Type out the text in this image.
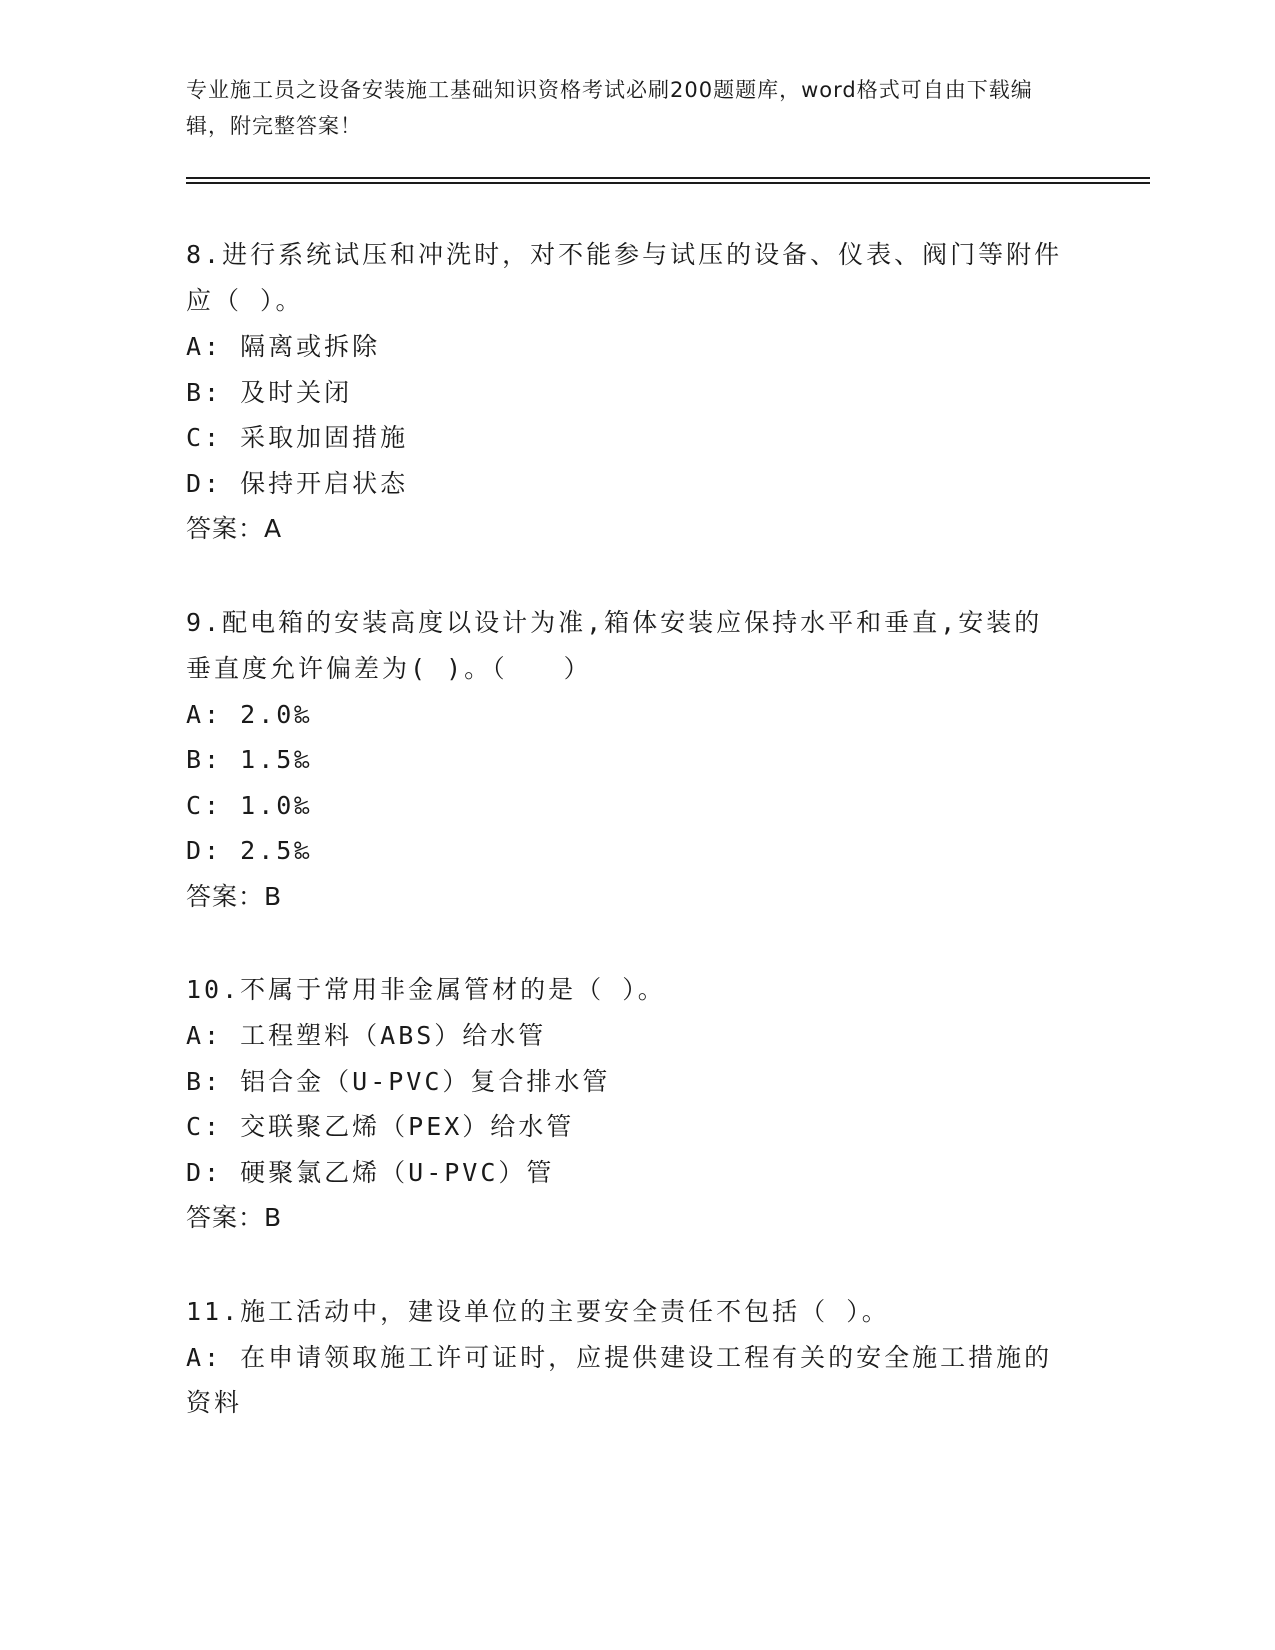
专业施工员之设备安装施工基础知识资格考试必刷200题题库，word格式可自由下载编辑，附完整答案！
8.进行系统试压和冲洗时，对不能参与试压的设备、仪表、阀门等附件应（ ）。
A: 隔离或拆除
B: 及时关闭
C: 采取加固措施
D: 保持开启状态
答案：A
9.配电箱的安装高度以设计为准,箱体安装应保持水平和垂直,安装的垂直度允许偏差为( )。（　　）
A: 2.0‰
B: 1.5‰
C: 1.0‰
D: 2.5‰
答案：B
10.不属于常用非金属管材的是（ ）。
A: 工程塑料（ABS）给水管
B: 铝合金（U-PVC）复合排水管
C: 交联聚乙烯（PEX）给水管
D: 硬聚氯乙烯（U-PVC）管
答案：B
11.施工活动中，建设单位的主要安全责任不包括（ ）。
A: 在申请领取施工许可证时，应提供建设工程有关的安全施工措施的资料
